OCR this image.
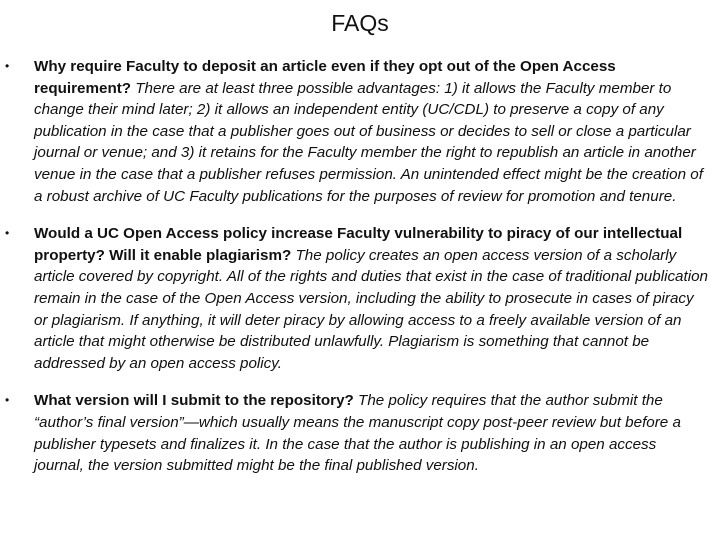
FAQs
• Why require Faculty to deposit an article even if they opt out of the Open Access requirement? There are at least three possible advantages: 1) it allows the Faculty member to change their mind later; 2) it allows an independent entity (UC/CDL) to preserve a copy of any publication in the case that a publisher goes out of business or decides to sell or close a particular journal or venue; and 3) it retains for the Faculty member the right to republish an article in another venue in the case that a publisher refuses permission. An unintended effect might be the creation of a robust archive of UC Faculty publications for the purposes of review for promotion and tenure.
• Would a UC Open Access policy increase Faculty vulnerability to piracy of our intellectual property? Will it enable plagiarism? The policy creates an open access version of a scholarly article covered by copyright. All of the rights and duties that exist in the case of traditional publication remain in the case of the Open Access version, including the ability to prosecute in cases of piracy or plagiarism. If anything, it will deter piracy by allowing access to a freely available version of an article that might otherwise be distributed unlawfully. Plagiarism is something that cannot be addressed by an open access policy.
• What version will I submit to the repository? The policy requires that the author submit the “author’s final version”—which usually means the manuscript copy post-peer review but before a publisher typesets and finalizes it. In the case that the author is publishing in an open access journal, the version submitted might be the final published version.
